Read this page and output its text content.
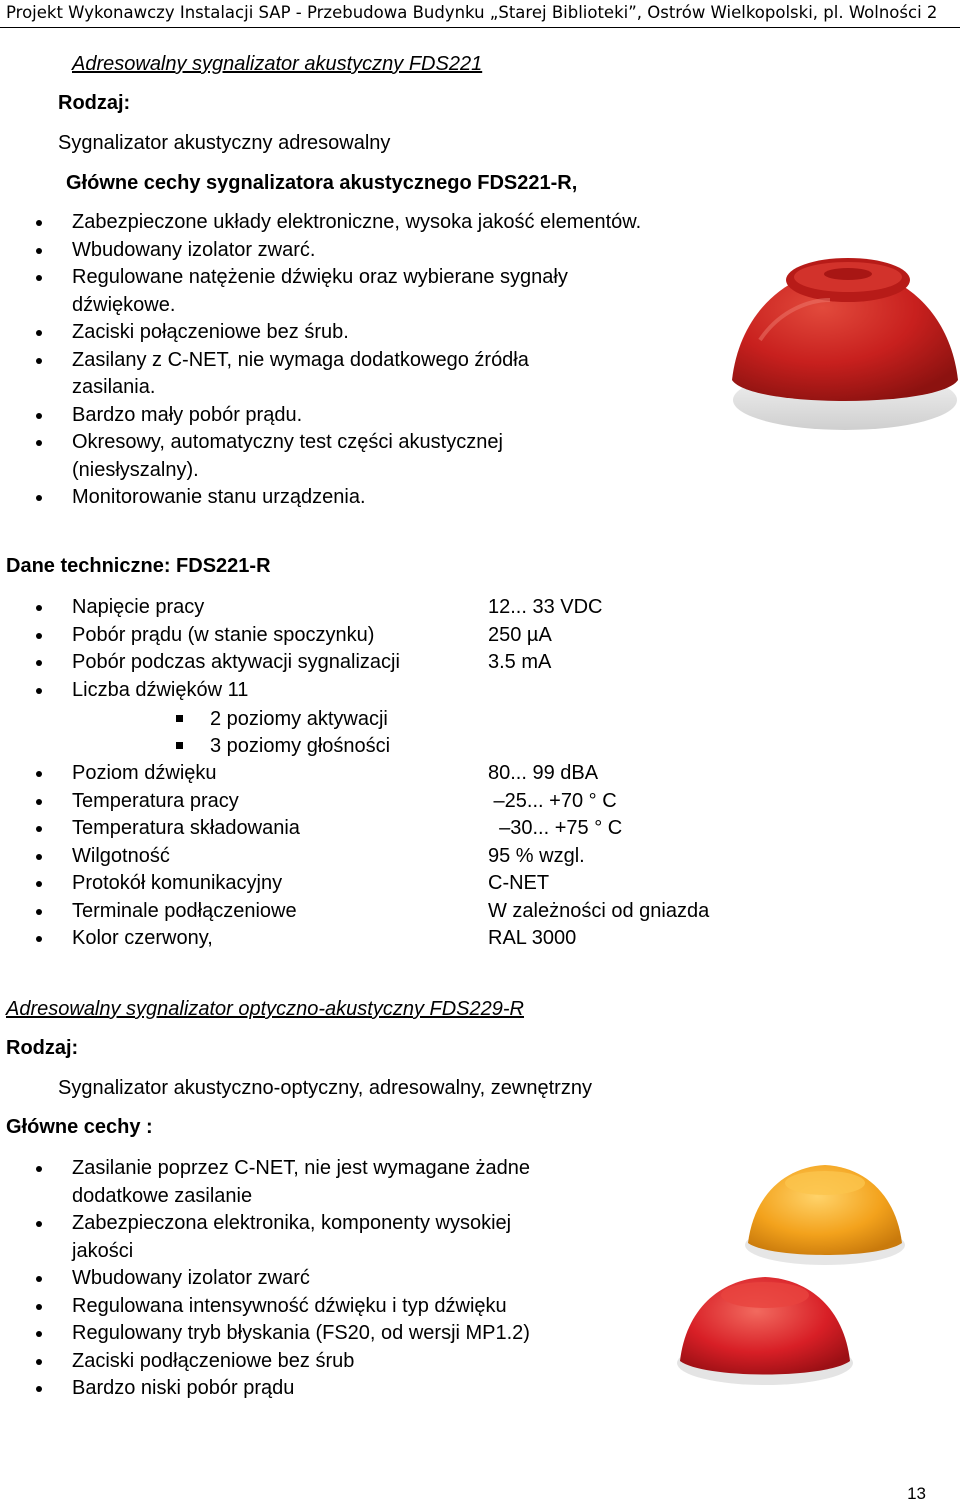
Projekt Wykonawczy Instalacji SAP - Przebudowa Budynku „Starej Biblioteki”, Ostrów Wielkopolski, pl. Wolności 2
Adresowalny sygnalizator akustyczny FDS221
Rodzaj:
Sygnalizator akustyczny adresowalny
Główne cechy sygnalizatora akustycznego FDS221-R,
Zabezpieczone układy elektroniczne, wysoka jakość elementów.
Wbudowany izolator zwarć.
Regulowane natężenie dźwięku oraz wybierane sygnały
dźwiękowe.
Zaciski połączeniowe bez śrub.
Zasilany z C-NET, nie wymaga dodatkowego źródła
zasilania.
Bardzo mały pobór prądu.
Okresowy, automatyczny test części akustycznej
(niesłyszalny).
Monitorowanie stanu urządzenia.
Dane techniczne: FDS221-R
Napięcie pracy	12... 33 VDC
Pobór prądu (w stanie spoczynku)	250 µA
Pobór podczas aktywacji sygnalizacji	3.5 mA
Liczba dźwięków 11
2 poziomy aktywacji
3 poziomy głośności
Poziom dźwięku	80... 99 dBA
Temperatura pracy	–25... +70 ° C
Temperatura składowania	–30... +75 ° C
Wilgotność	95 % wzgl.
Protokół komunikacyjny	C-NET
Terminale podłączeniowe	W zależności od gniazda
Kolor czerwony,	RAL 3000
Adresowalny sygnalizator optyczno-akustyczny FDS229-R
Rodzaj:
Sygnalizator akustyczno-optyczny, adresowalny, zewnętrzny
Główne cechy :
Zasilanie poprzez C-NET, nie jest wymagane żadne
dodatkowe zasilanie
Zabezpieczona elektronika, komponenty wysokiej
jakości
Wbudowany izolator zwarć
Regulowana intensywność dźwięku i typ dźwięku
Regulowany tryb błyskania (FS20, od wersji MP1.2)
Zaciski podłączeniowe bez śrub
Bardzo niski pobór prądu
13
